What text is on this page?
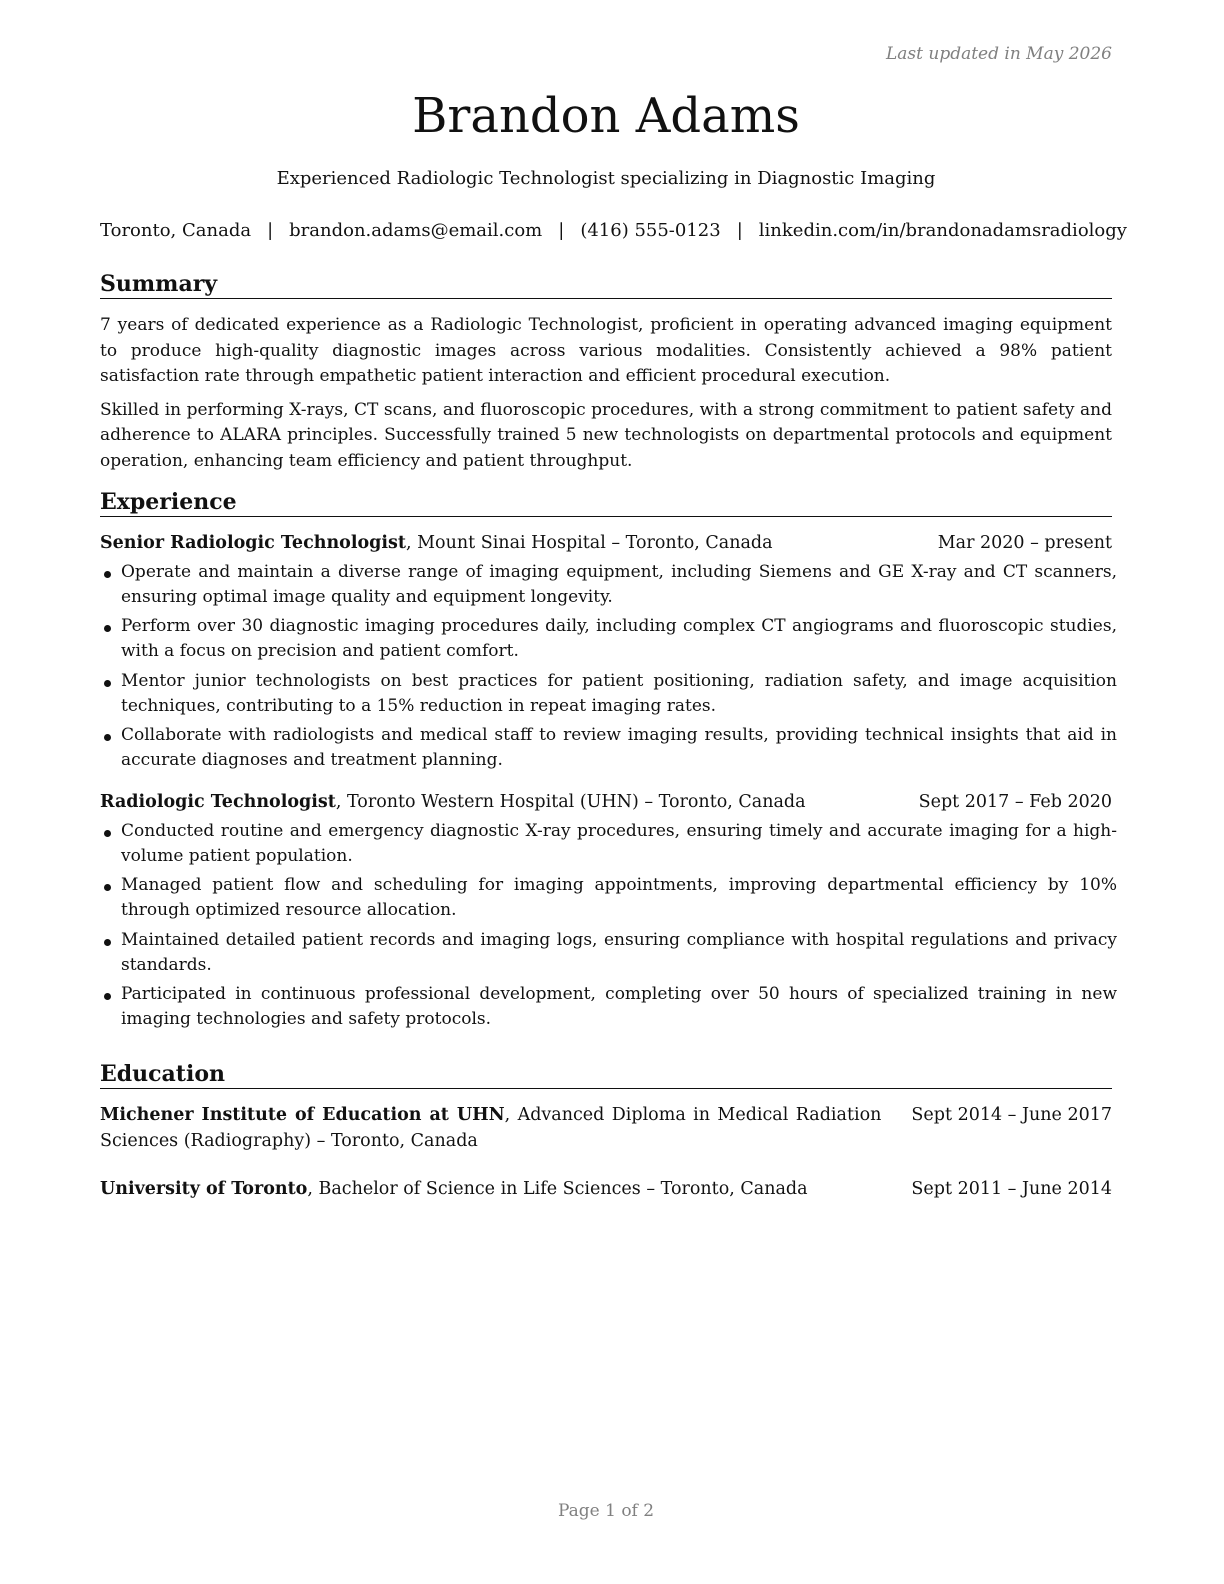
Last updated in May 2026
Brandon Adams
Experienced Radiologic Technologist specializing in Diagnostic Imaging
Toronto, Canada | brandon.adams@email.com | (416) 555-0123 | linkedin.com/in/brandonadamsradiology
Summary

7 years of dedicated experience as a Radiologic Technologist, proficient in operating advanced imaging equipment to produce high-quality diagnostic images across various modalities. Consistently achieved a 98% patient satisfaction rate through empathetic patient interaction and efficient procedural execution.

Skilled in performing X-rays, CT scans, and fluoroscopic procedures, with a strong commitment to patient safety and adherence to ALARA principles. Successfully trained 5 new technologists on departmental protocols and equipment operation, enhancing team efficiency and patient throughput.

Experience
Senior Radiologic Technologist, Mount Sinai Hospital – Toronto, Canada	Mar 2020 – present
Operate and maintain a diverse range of imaging equipment, including Siemens and GE X-ray and CT scanners, ensuring optimal image quality and equipment longevity.
Perform over 30 diagnostic imaging procedures daily, including complex CT angiograms and fluoroscopic studies, with a focus on precision and patient comfort.
Mentor junior technologists on best practices for patient positioning, radiation safety, and image acquisition techniques, contributing to a 15% reduction in repeat imaging rates.
Collaborate with radiologists and medical staff to review imaging results, providing technical insights that aid in accurate diagnoses and treatment planning.
Radiologic Technologist, Toronto Western Hospital (UHN) – Toronto, Canada	Sept 2017 – Feb 2020
Conducted routine and emergency diagnostic X-ray procedures, ensuring timely and accurate imaging for a high-volume patient population.
Managed patient flow and scheduling for imaging appointments, improving departmental efficiency by 10% through optimized resource allocation.
Maintained detailed patient records and imaging logs, ensuring compliance with hospital regulations and privacy standards.
Participated in continuous professional development, completing over 50 hours of specialized training in new imaging technologies and safety protocols.
Education
Michener Institute of Education at UHN, Advanced Diploma in Medical Radiation Sciences (Radiography) – Toronto, Canada
Sept 2014 – June 2017
University of Toronto, Bachelor of Science in Life Sciences – Toronto, Canada	Sept 2011 – June 2014
Page 1 of 2
